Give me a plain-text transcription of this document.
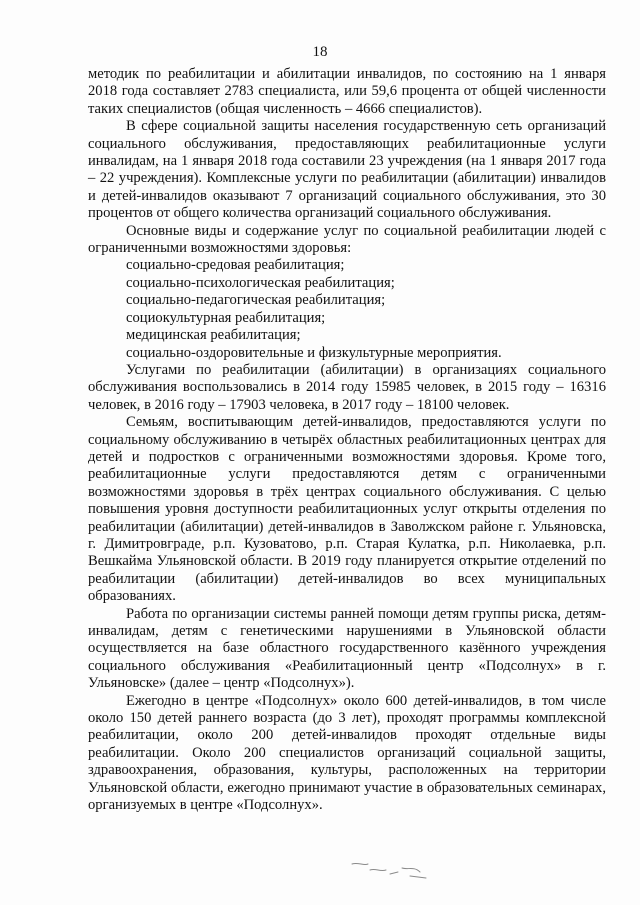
18

методик по реабилитации и абилитации инвалидов, по состоянию на 1 января 2018 года составляет 2783 специалиста, или 59,6 процента от общей численности таких специалистов (общая численность – 4666 специалистов).

В сфере социальной защиты населения государственную сеть организаций социального обслуживания, предоставляющих реабилитационные услуги инвалидам, на 1 января 2018 года составили 23 учреждения (на 1 января 2017 года – 22 учреждения). Комплексные услуги по реабилитации (абилитации) инвалидов и детей-инвалидов оказывают 7 организаций социального обслуживания, это 30 процентов от общего количества организаций социального обслуживания.

Основные виды и содержание услуг по социальной реабилитации людей с ограниченными возможностями здоровья:

социально-средовая реабилитация;

социально-психологическая реабилитация;

социально-педагогическая реабилитация;

социокультурная реабилитация;

медицинская реабилитация;

социально-оздоровительные и физкультурные мероприятия.

Услугами по реабилитации (абилитации) в организациях социального обслуживания воспользовались в 2014 году 15985 человек, в 2015 году – 16316 человек, в 2016 году – 17903 человека, в 2017 году – 18100 человек.

Семьям, воспитывающим детей-инвалидов, предоставляются услуги по социальному обслуживанию в четырёх областных реабилитационных центрах для детей и подростков с ограниченными возможностями здоровья. Кроме того, реабилитационные услуги предоставляются детям с ограниченными возможностями здоровья в трёх центрах социального обслуживания. С целью повышения уровня доступности реабилитационных услуг открыты отделения по реабилитации (абилитации) детей-инвалидов в Заволжском районе г. Ульяновска, г. Димитровграде, р.п. Кузоватово, р.п. Старая Кулатка, р.п. Николаевка, р.п. Вешкайма Ульяновской области. В 2019 году планируется открытие отделений по реабилитации (абилитации) детей-инвалидов во всех муниципальных образованиях.

Работа по организации системы ранней помощи детям группы риска, детям-инвалидам, детям с генетическими нарушениями в Ульяновской области осуществляется на базе областного государственного казённого учреждения социального обслуживания «Реабилитационный центр «Подсолнух» в г. Ульяновске» (далее – центр «Подсолнух»).

Ежегодно в центре «Подсолнух» около 600 детей-инвалидов, в том числе около 150 детей раннего возраста (до 3 лет), проходят программы комплексной реабилитации, около 200 детей-инвалидов проходят отдельные виды реабилитации. Около 200 специалистов организаций социальной защиты, здравоохранения, образования, культуры, расположенных на территории Ульяновской области, ежегодно принимают участие в образовательных семинарах, организуемых в центре «Подсолнух».
